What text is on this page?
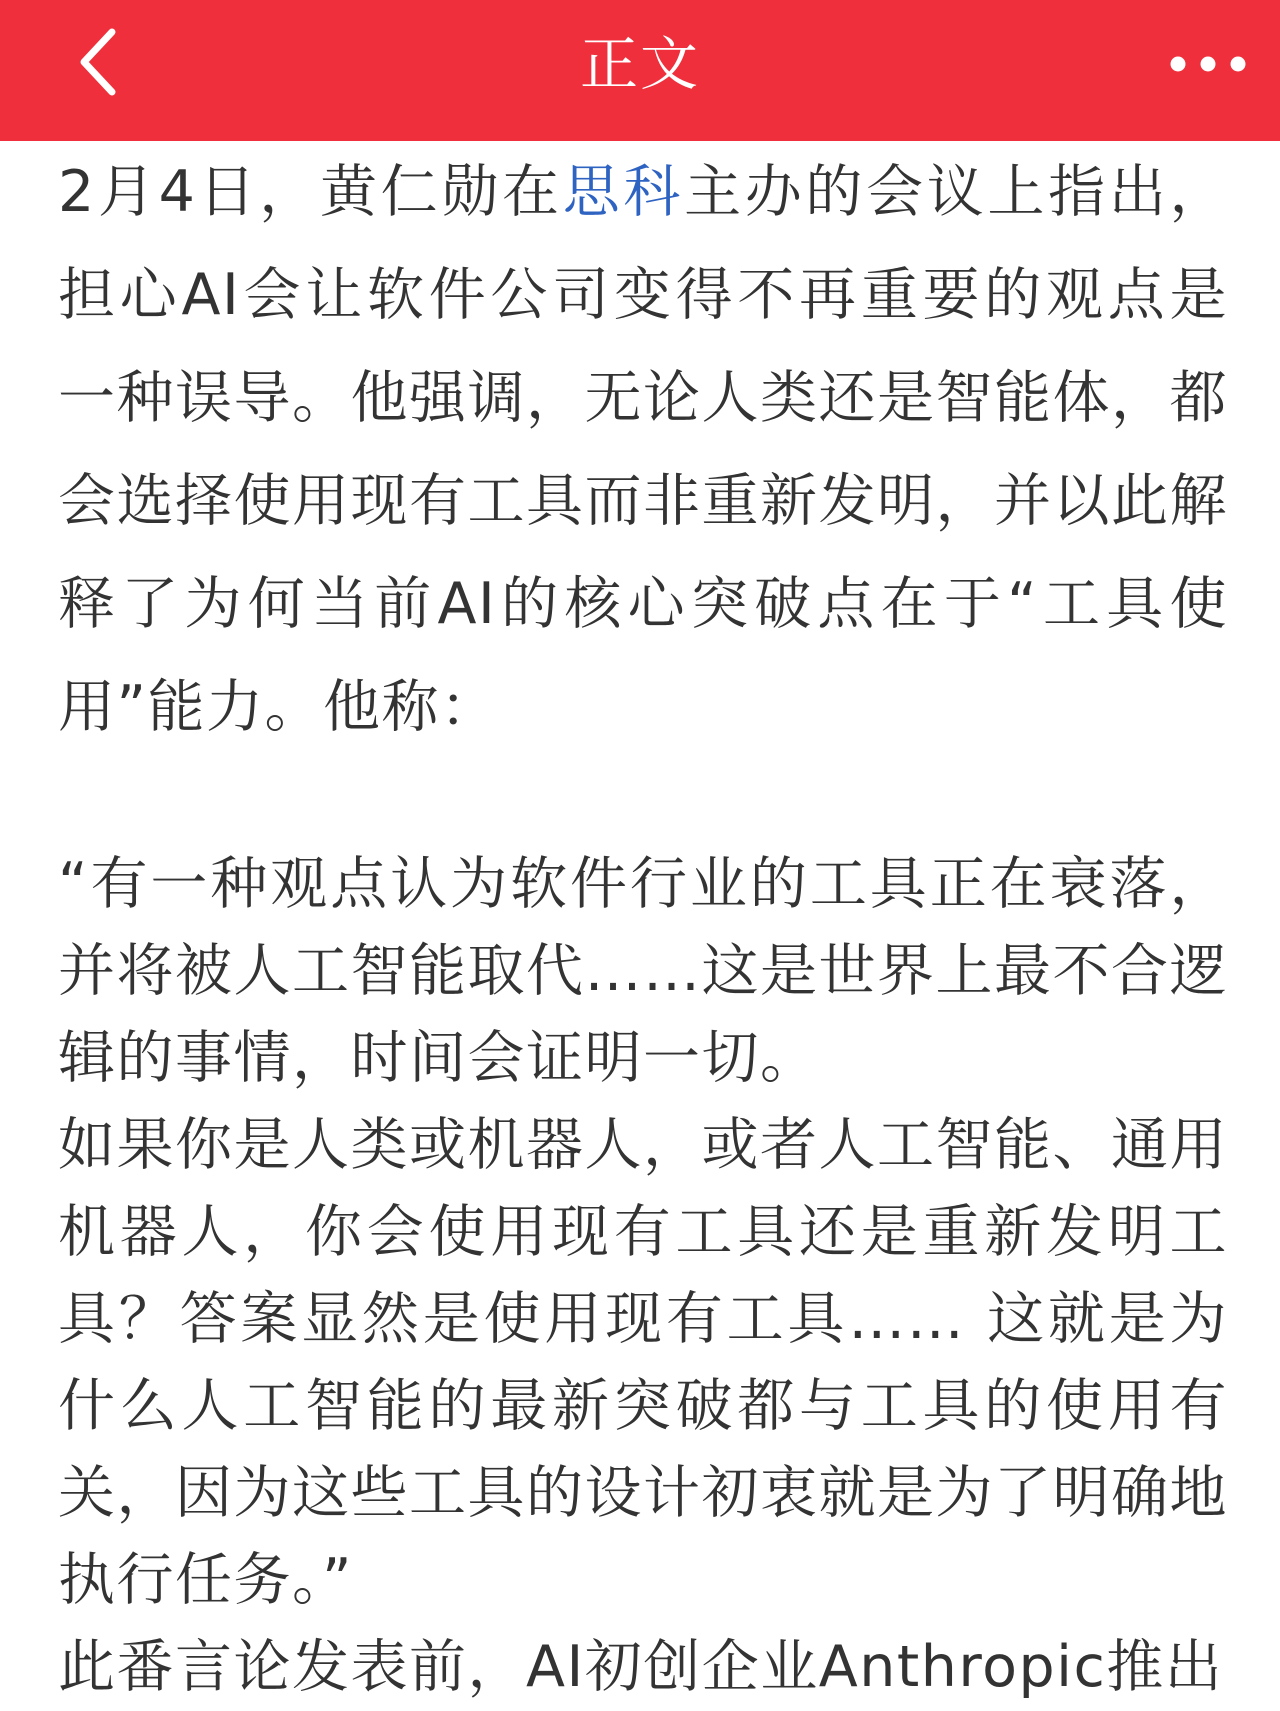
正文

2月4日，黄仁勋在思科主办的会议上指出，担心AI会让软件公司变得不再重要的观点是一种误导。他强调，无论人类还是智能体，都会选择使用现有工具而非重新发明，并以此解释了为何当前AI的核心突破点在于“工具使用”能力。他称：

“有一种观点认为软件行业的工具正在衰落，并将被人工智能取代……这是世界上最不合逻辑的事情，时间会证明一切。

如果你是人类或机器人，或者人工智能、通用机器人，你会使用现有工具还是重新发明工具？答案显然是使用现有工具…… 这就是为什么人工智能的最新突破都与工具的使用有关，因为这些工具的设计初衷就是为了明确地执行任务。”

此番言论发表前，AI初创企业Anthropic推出
